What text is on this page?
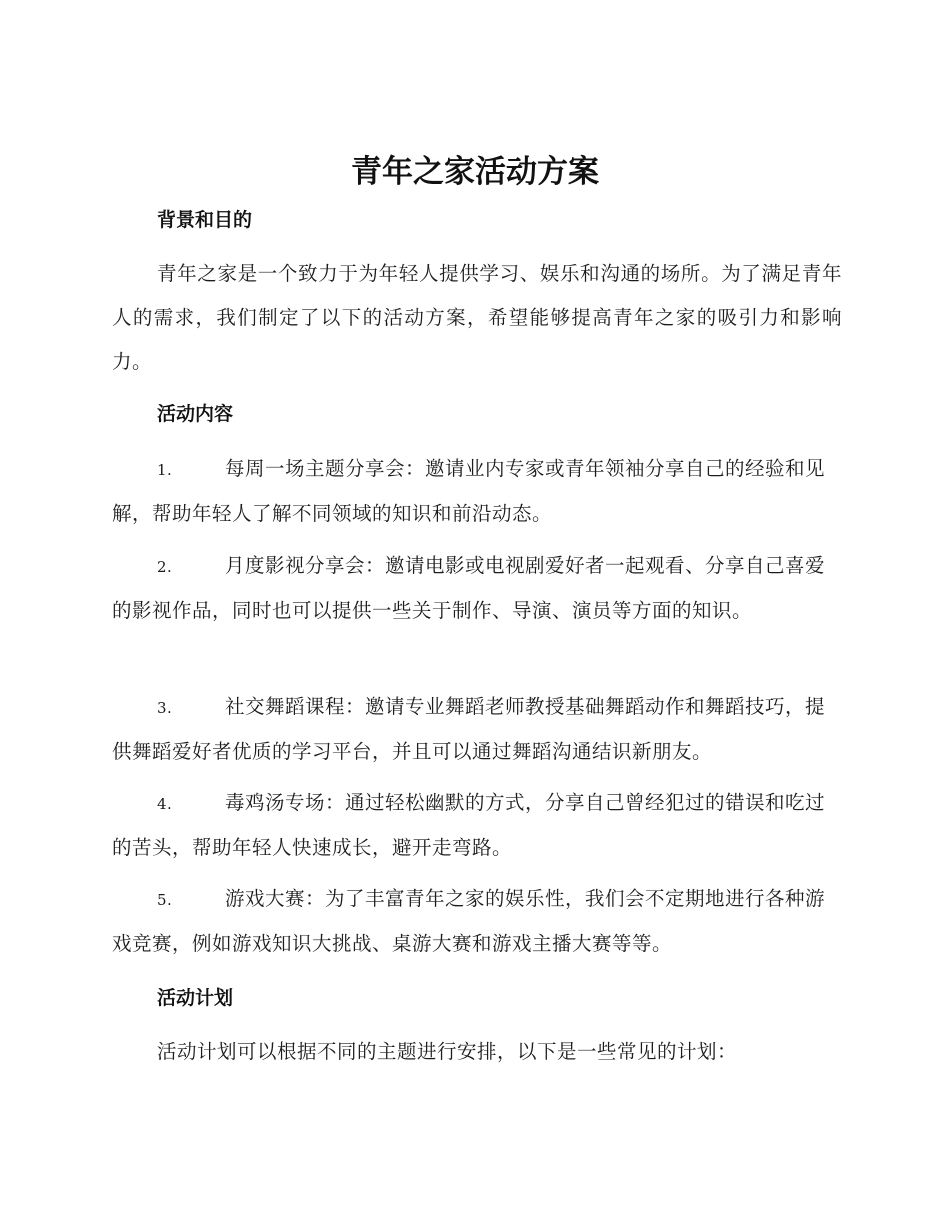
青年之家活动方案
背景和目的
青年之家是一个致力于为年轻人提供学习、娱乐和沟通的场所。为了满足青年人的需求，我们制定了以下的活动方案，希望能够提高青年之家的吸引力和影响力。
活动内容
1.	每周一场主题分享会：邀请业内专家或青年领袖分享自己的经验和见解，帮助年轻人了解不同领域的知识和前沿动态。
2.	月度影视分享会：邀请电影或电视剧爱好者一起观看、分享自己喜爱的影视作品，同时也可以提供一些关于制作、导演、演员等方面的知识。
3.	社交舞蹈课程：邀请专业舞蹈老师教授基础舞蹈动作和舞蹈技巧，提供舞蹈爱好者优质的学习平台，并且可以通过舞蹈沟通结识新朋友。
4.	毒鸡汤专场：通过轻松幽默的方式，分享自己曾经犯过的错误和吃过的苦头，帮助年轻人快速成长，避开走弯路。
5.	游戏大赛：为了丰富青年之家的娱乐性，我们会不定期地进行各种游戏竞赛，例如游戏知识大挑战、桌游大赛和游戏主播大赛等等。
活动计划
活动计划可以根据不同的主题进行安排，以下是一些常见的计划：
